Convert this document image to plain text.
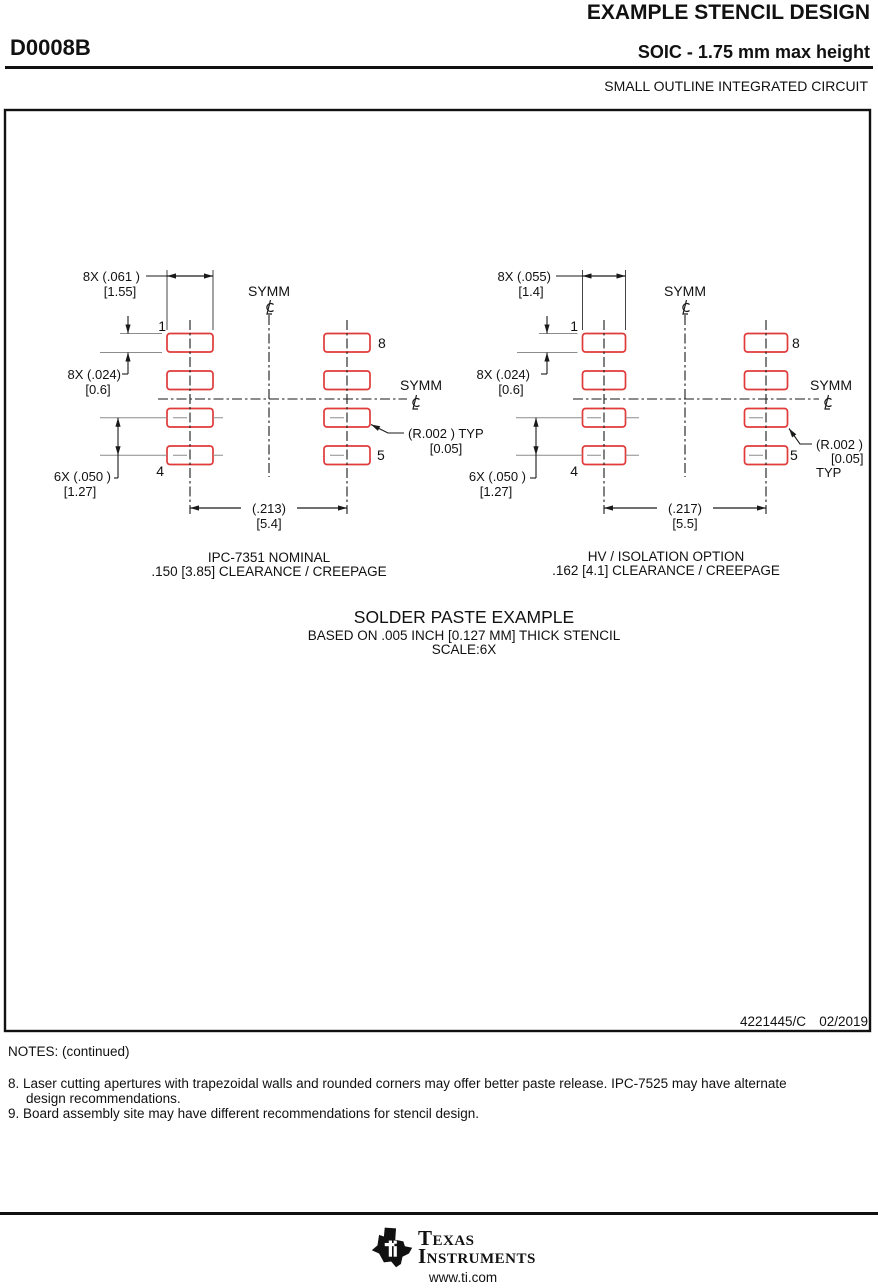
EXAMPLE STENCIL DESIGN
D0008B	SOIC - 1.75 mm max height
SMALL OUTLINE INTEGRATED CIRCUIT
8X (.061 )
[1.55]
1
8
8X (.024)
[0.6]
SYMM
SYMM
(R.002 ) TYP
[0.05]
6X (.050 )
[1.27]
4
5
(.213)
[5.4]
IPC-7351 NOMINAL
.150 [3.85] CLEARANCE / CREEPAGE
8X (.055)
[1.4]
1
8
8X (.024)
[0.6]
SYMM
SYMM
(R.002 )
[0.05]
TYP
6X (.050 )
[1.27]
4
5
(.217)
[5.5]
HV / ISOLATION OPTION
.162 [4.1] CLEARANCE / CREEPAGE
SOLDER PASTE EXAMPLE
BASED ON .005 INCH [0.127 MM] THICK STENCIL
SCALE:6X
4221445/C 02/2019
NOTES: (continued)
8. Laser cutting apertures with trapezoidal walls and rounded corners may offer better paste release. IPC-7525 may have alternate
design recommendations.
9. Board assembly site may have different recommendations for stencil design.
Texas
Instruments
www.ti.com
